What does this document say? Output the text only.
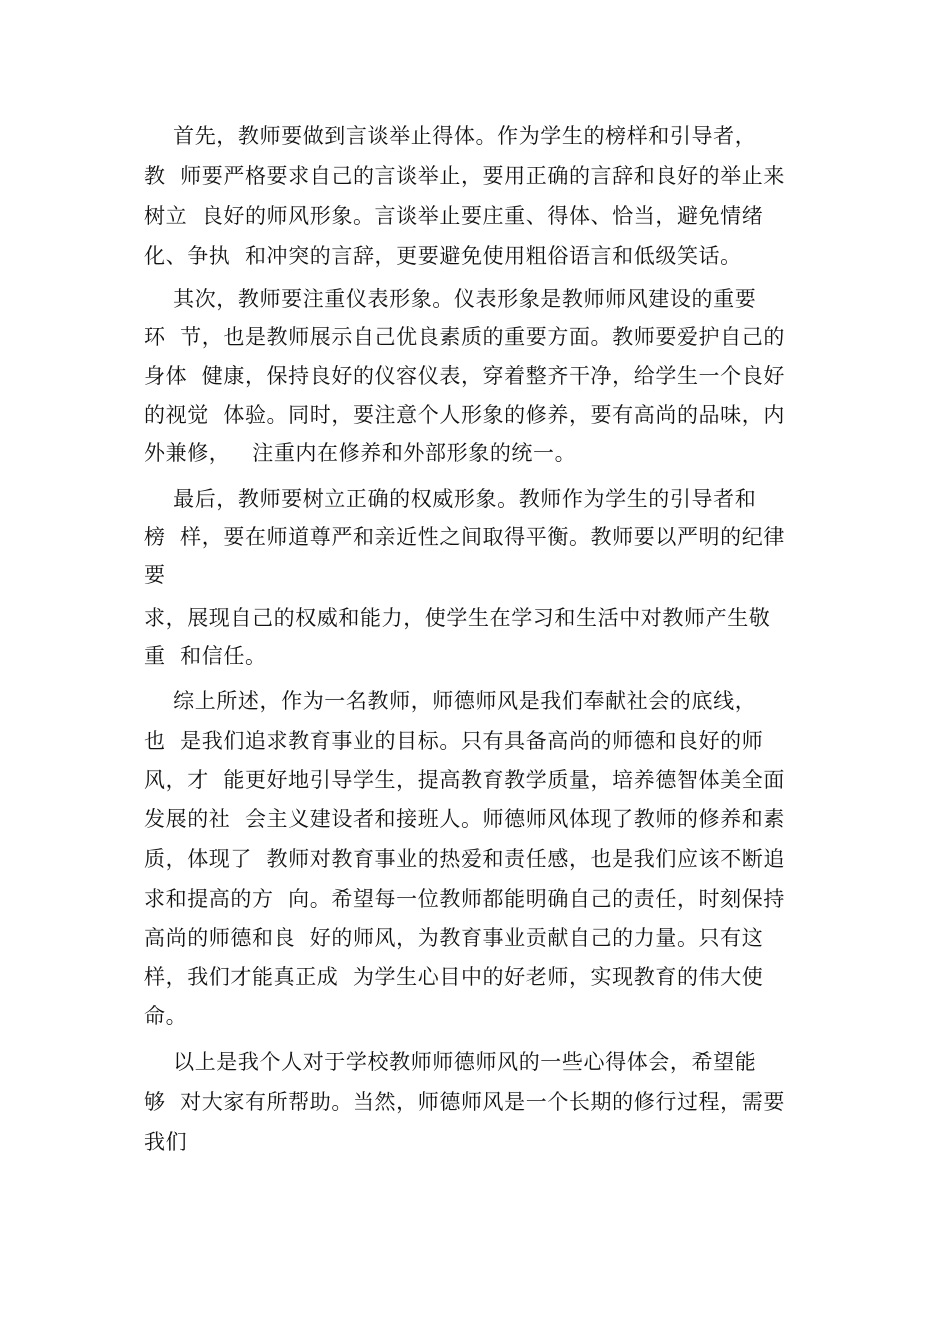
首先，教师要做到言谈举止得体。作为学生的榜样和引导者，
教  师要严格要求自己的言谈举止，要用正确的言辞和良好的举止来
树立  良好的师风形象。言谈举止要庄重、得体、恰当，避免情绪
化、争执  和冲突的言辞，更要避免使用粗俗语言和低级笑话。
其次，教师要注重仪表形象。仪表形象是教师师风建设的重要
环  节，也是教师展示自己优良素质的重要方面。教师要爱护自己的
身体  健康，保持良好的仪容仪表，穿着整齐干净，给学生一个良好
的视觉  体验。同时，要注意个人形象的修养，要有高尚的品味，内
外兼修，   注重内在修养和外部形象的统一。
最后，教师要树立正确的权威形象。教师作为学生的引导者和
榜  样，要在师道尊严和亲近性之间取得平衡。教师要以严明的纪律
要
求，展现自己的权威和能力，使学生在学习和生活中对教师产生敬
重  和信任。
综上所述，作为一名教师，师德师风是我们奉献社会的底线，
也  是我们追求教育事业的目标。只有具备高尚的师德和良好的师
风，才  能更好地引导学生，提高教育教学质量，培养德智体美全面
发展的社  会主义建设者和接班人。师德师风体现了教师的修养和素
质，体现了  教师对教育事业的热爱和责任感，也是我们应该不断追
求和提高的方  向。希望每一位教师都能明确自己的责任，时刻保持
高尚的师德和良  好的师风，为教育事业贡献自己的力量。只有这
样，我们才能真正成  为学生心目中的好老师，实现教育的伟大使
命。
以上是我个人对于学校教师师德师风的一些心得体会，希望能
够  对大家有所帮助。当然，师德师风是一个长期的修行过程，需要
我们
